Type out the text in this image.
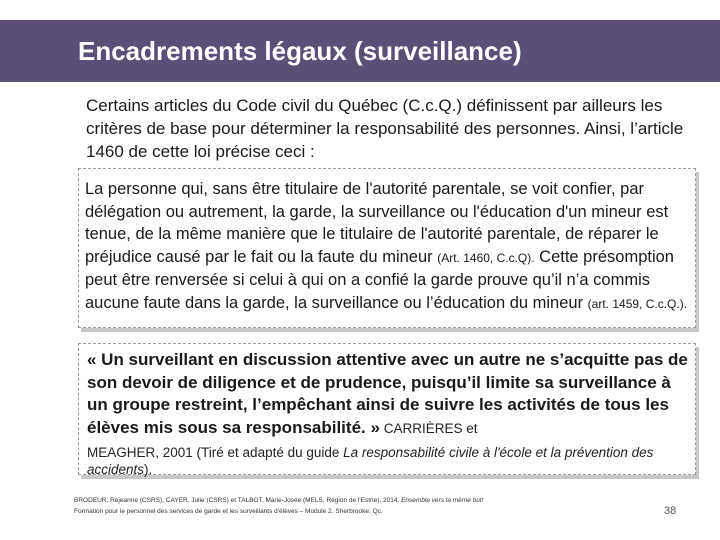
Encadrements légaux (surveillance)

Certains articles du Code civil du Québec (C.c.Q.) définissent par ailleurs les critères de base pour déterminer la responsabilité des personnes. Ainsi, l’article 1460 de cette loi précise ceci :

La personne qui, sans être titulaire de l'autorité parentale, se voit confier, par délégation ou autrement, la garde, la surveillance ou l'éducation d'un mineur est tenue, de la même manière que le titulaire de l'autorité parentale, de réparer le préjudice causé par le fait ou la faute du mineur (Art. 1460, C.c.Q). Cette présomption peut être renversée si celui à qui on a confié la garde prouve qu’il n’a commis aucune faute dans la garde, la surveillance ou l’éducation du mineur (art. 1459, C.c.Q.).

« Un surveillant en discussion attentive avec un autre ne s’acquitte pas de son devoir de diligence et de prudence, puisqu’il limite sa surveillance à un groupe restreint, l’empêchant ainsi de suivre les activités de tous les élèves mis sous sa responsabilité. » CARRIÈRES et

MEAGHER, 2001 (Tiré et adapté du guide La responsabilité civile à l'école et la prévention des accidents).

BRODEUR, Réjeanne (CSRS), CAYER, Julie (CSRS) et TALBOT, Marie-Josée (MELS, Région de l'Estrie), 2014. Ensemble vers la même but!
Formation pour le personnel des services de garde et les surveillants d'élèves – Module 2. Sherbrooke, Qc.	38
